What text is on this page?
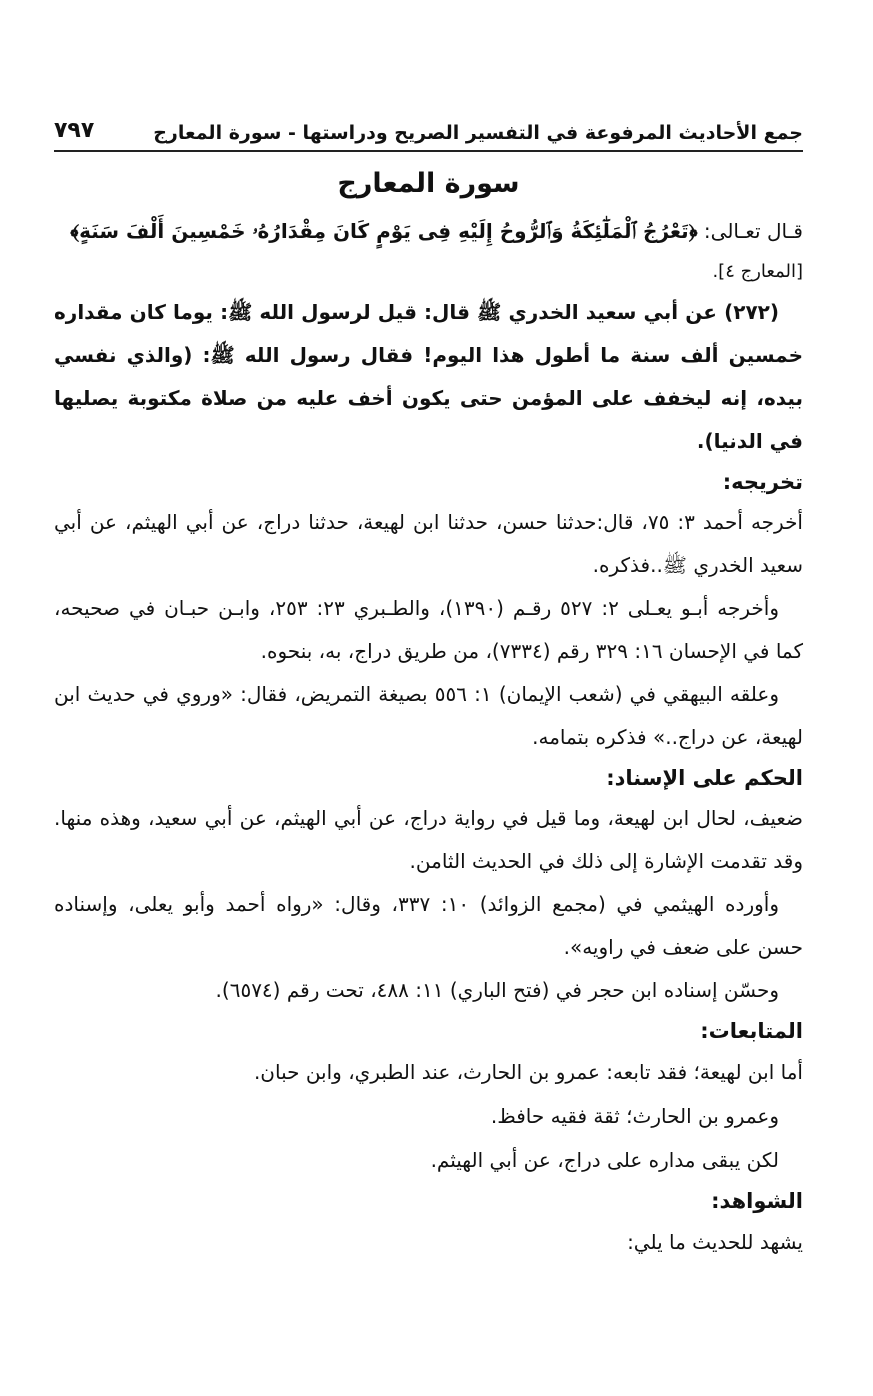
جمع الأحاديث المرفوعة في التفسير الصريح ودراستها - سورة المعارج
٧٩٧
سورة المعارج

قـال تعـالى: ﴿تَعْرُجُ ٱلْمَلَٰٓئِكَةُ وَٱلرُّوحُ إِلَيْهِ فِى يَوْمٍ كَانَ مِقْدَارُهُۥ خَمْسِينَ أَلْفَ سَنَةٍ﴾

[المعارج ٤].

(٢٧٢) عن أبي سعيد الخدري ﷺ قال: قيل لرسول الله ﷺ: يوما كان مقداره خمسين ألف سنة ما أطول هذا اليوم! فقال رسول الله ﷺ: (والذي نفسي بيده، إنه ليخفف على المؤمن حتى يكون أخف عليه من صلاة مكتوبة يصليها في الدنيا).

تخريجه:

أخرجه أحمد ٣: ٧٥، قال:حدثنا حسن، حدثنا ابن لهيعة، حدثنا دراج، عن أبي الهيثم، عن أبي سعيد الخدري ﷺ..فذكره.

وأخرجه أبـو يعـلى ٢: ٥٢٧ رقـم (١٣٩٠)، والطـبري ٢٣: ٢٥٣، وابـن حبـان في صحيحه، كما في الإحسان ١٦: ٣٢٩ رقم (٧٣٣٤)، من طريق دراج، به، بنحوه.

وعلقه البيهقي في (شعب الإيمان) ١: ٥٥٦ بصيغة التمريض، فقال: «وروي في حديث ابن لهيعة، عن دراج..» فذكره بتمامه.

الحكم على الإسناد:

ضعيف، لحال ابن لهيعة، وما قيل في رواية دراج، عن أبي الهيثم، عن أبي سعيد، وهذه منها. وقد تقدمت الإشارة إلى ذلك في الحديث الثامن.

وأورده الهيثمي في (مجمع الزوائد) ١٠: ٣٣٧، وقال: «رواه أحمد وأبو يعلى، وإسناده حسن على ضعف في راويه».

وحسّن إسناده ابن حجر في (فتح الباري) ١١: ٤٨٨، تحت رقم (٦٥٧٤).

المتابعات:

أما ابن لهيعة؛ فقد تابعه: عمرو بن الحارث، عند الطبري، وابن حبان.

وعمرو بن الحارث؛ ثقة فقيه حافظ.

لكن يبقى مداره على دراج، عن أبي الهيثم.

الشواهد:

يشهد للحديث ما يلي:
